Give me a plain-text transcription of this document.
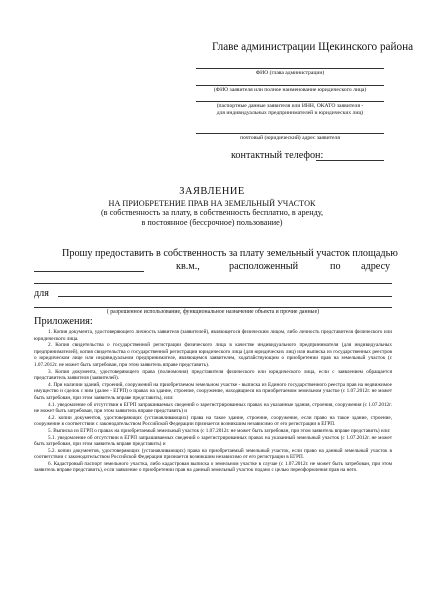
Главе администрации Щекинского района
ФИО (глава администрации)
(ФИО заявителя или полное наименование юридического лица)
(паспортные данные заявителя или ИНН, ОКАТО заявителя -
для индивидуальных предпринимателей и юридических лиц)
почтовый (юридический) адрес заявителя
контактный телефон:
ЗАЯВЛЕНИЕ
НА ПРИОБРЕТЕНИЕ ПРАВ НА ЗЕМЕЛЬНЫЙ УЧАСТОК
(в собственность за плату, в собственность бесплатно, в аренду,
в постоянное (бессрочное) пользование)
Прошу предоставить в собственность за плату земельный участок площадью
кв.м.,	расположенный	по адресу
для
( разрешенное использование, функциональное назначение объекта и прочие данные)
Приложения:
1. Копия документа, удостоверяющего личность заявителя (заявителей), являющегося физическим лицом, либо личность представителя физического или юридического лица.
2. Копия свидетельства о государственной регистрации физического лица в качестве индивидуального предпринимателя (для индивидуальных предпринимателей), копия свидетельства о государственной регистрации юридического лица (для юридических лиц) или выписка из государственных реестров о юридическом лице или индивидуальном предпринимателе, являющемся заявителем, ходатайствующим о приобретении прав на земельный участок (с 1.07.2012г. не может быть затребован, при этом заявитель вправе представить).
3. Копия документа, удостоверяющего права (полномочия) представителя физического или юридического лица, если с заявлением обращается представитель заявителя (заявителей).
4. При наличии зданий, строений, сооружений на приобретаемом земельном участке - выписка из Единого государственного реестра прав на недвижимое имущество и сделок с ним (далее - ЕГРП) о правах на здание, строение, сооружение, находящиеся на приобретаемом земельном участке (с 1.07.2012г. не может быть затребован, при этом заявитель вправе представить), или:
4.1. уведомление об отсутствии в ЕГРП запрашиваемых сведений о зарегистрированных правах на указанные здания, строения, сооружения (с 1.07.2012г. не может быть затребован, при этом заявитель вправе представить) и
4.2. копии документов, удостоверяющих (устанавливающих) права на такое здание, строение, сооружение, если право на такое здание, строение, сооружение в соответствии с законодательством Российской Федерации признается возникшим независимо от его регистрации в ЕГРП.
5. Выписка из ЕГРП о правах на приобретаемый земельный участок (с 1.07.2012г. не может быть затребован, при этом заявитель вправе представить) или:
5.1. уведомление об отсутствии в ЕГРП запрашиваемых сведений о зарегистрированных правах на указанный земельный участок (с 1.07.2012г. не может быть затребован, при этом заявитель вправе представить) и
5.2. копии документов, удостоверяющих (устанавливающих) права на приобретаемый земельный участок, если право на данный земельный участок в соответствии с законодательством Российской Федерации признается возникшим независимо от его регистрации в ЕГРП.
6. Кадастровый паспорт земельного участка, либо кадастровая выписка о земельном участке в случае (с 1.07.2012г. не может быть затребован, при этом заявитель вправе представить), если заявление о приобретении прав на данный земельный участок подано с целью переоформления прав на него.
